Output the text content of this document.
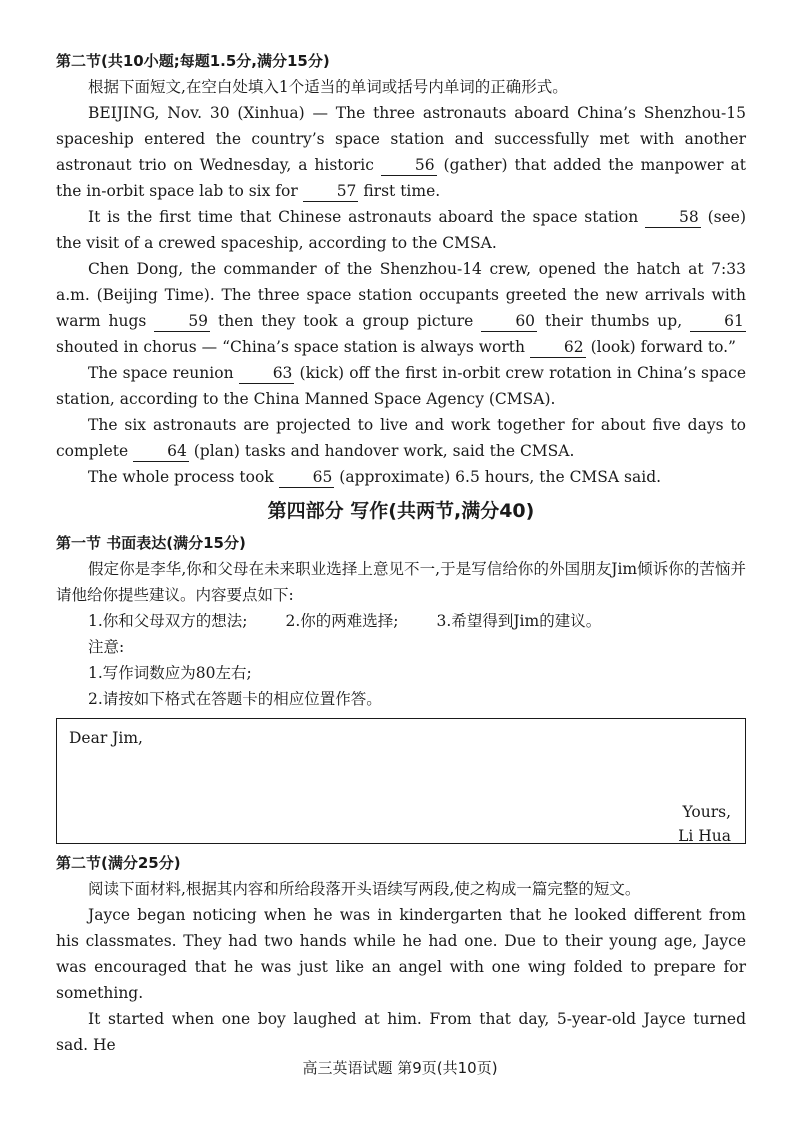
第二节(共10小题;每题1.5分,满分15分)

根据下面短文,在空白处填入1个适当的单词或括号内单词的正确形式。

BEIJING, Nov. 30 (Xinhua) — The three astronauts aboard China’s Shenzhou-15 spaceship entered the country’s space station and successfully met with another astronaut trio on Wednesday, a historic 56 (gather) that added the manpower at the in-orbit space lab to six for 57 first time.

It is the first time that Chinese astronauts aboard the space station 58 (see) the visit of a crewed spaceship, according to the CMSA.

Chen Dong, the commander of the Shenzhou-14 crew, opened the hatch at 7:33 a.m. (Beijing Time). The three space station occupants greeted the new arrivals with warm hugs 59 then they took a group picture 60 their thumbs up, 61 shouted in chorus — “China’s space station is always worth 62 (look) forward to.”

The space reunion 63 (kick) off the first in-orbit crew rotation in China’s space station, according to the China Manned Space Agency (CMSA).

The six astronauts are projected to live and work together for about five days to complete 64 (plan) tasks and handover work, said the CMSA.

The whole process took 65 (approximate) 6.5 hours, the CMSA said.

第四部分 写作(共两节,满分40)
第一节 书面表达(满分15分)

假定你是李华,你和父母在未来职业选择上意见不一,于是写信给你的外国朋友Jim倾诉你的苦恼并请他给你提些建议。内容要点如下:

1.你和父母双方的想法; 2.你的两难选择; 3.希望得到Jim的建议。

注意:

1.写作词数应为80左右;

2.请按如下格式在答题卡的相应位置作答。

Dear Jim,
Yours,
Li Hua
第二节(满分25分)

阅读下面材料,根据其内容和所给段落开头语续写两段,使之构成一篇完整的短文。

Jayce began noticing when he was in kindergarten that he looked different from his classmates. They had two hands while he had one. Due to their young age, Jayce was encouraged that he was just like an angel with one wing folded to prepare for something.

It started when one boy laughed at him. From that day, 5-year-old Jayce turned sad. He

高三英语试题 第9页(共10页)
